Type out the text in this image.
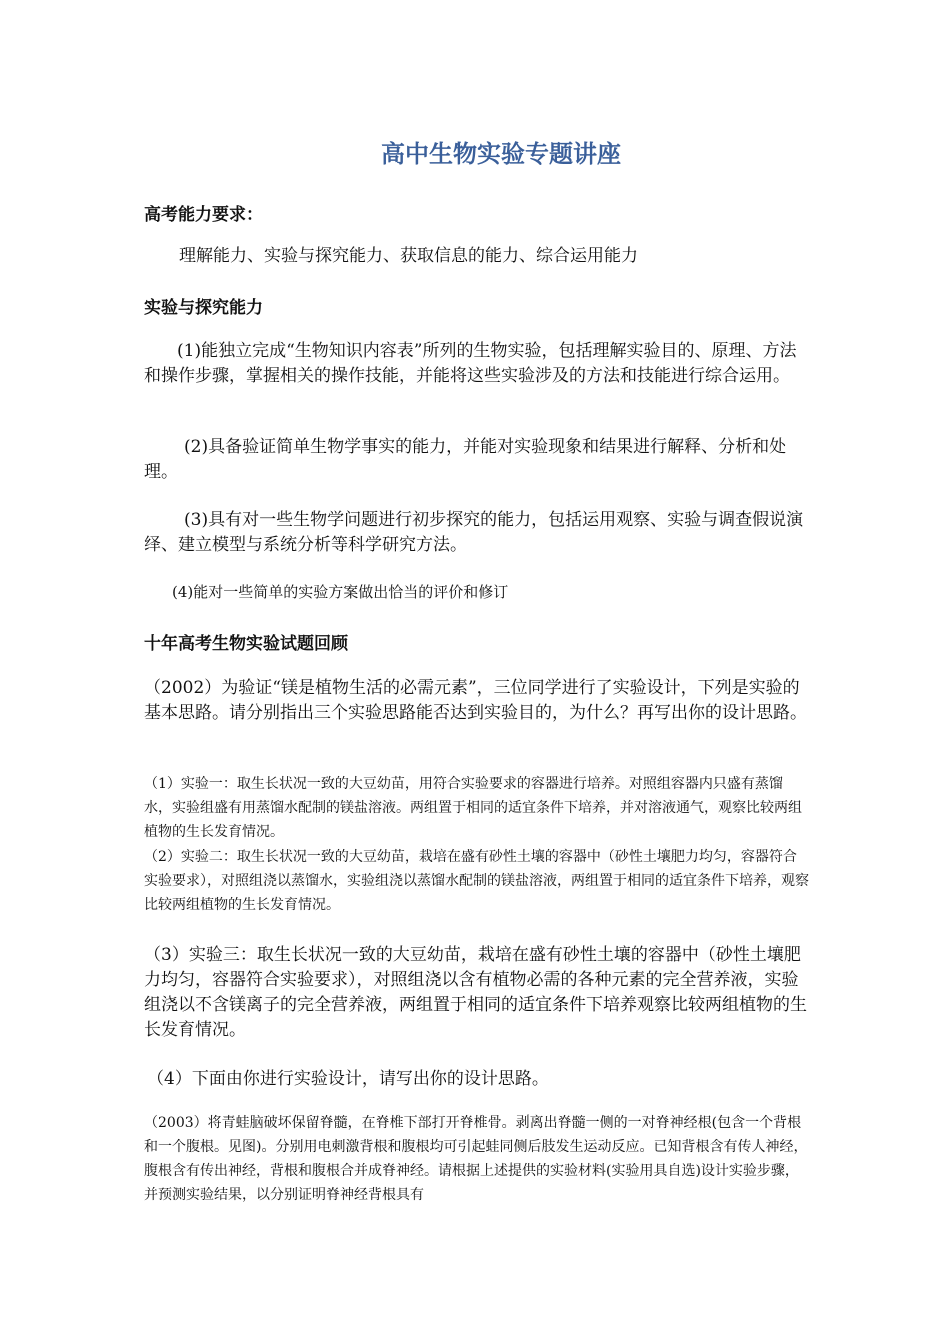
高中生物实验专题讲座
高考能力要求：
理解能力、实验与探究能力、获取信息的能力、综合运用能力
实验与探究能力

(1)能独立完成“生物知识内容表”所列的生物实验，包括理解实验目的、原理、方法和操作步骤，掌握相关的操作技能，并能将这些实验涉及的方法和技能进行综合运用。

(2)具备验证简单生物学事实的能力，并能对实验现象和结果进行解释、分析和处理。

(3)具有对一些生物学问题进行初步探究的能力，包括运用观察、实验与调查假说演绎、建立模型与系统分析等科学研究方法。

(4)能对一些简单的实验方案做出恰当的评价和修订

十年高考生物实验试题回顾

（2002）为验证“镁是植物生活的必需元素”，三位同学进行了实验设计，下列是实验的基本思路。请分别指出三个实验思路能否达到实验目的，为什么？再写出你的设计思路。

（1）实验一：取生长状况一致的大豆幼苗，用符合实验要求的容器进行培养。对照组容器内只盛有蒸馏水，实验组盛有用蒸馏水配制的镁盐溶液。两组置于相同的适宜条件下培养，并对溶液通气，观察比较两组植物的生长发育情况。

（2）实验二：取生长状况一致的大豆幼苗，栽培在盛有砂性土壤的容器中（砂性土壤肥力均匀，容器符合实验要求），对照组浇以蒸馏水，实验组浇以蒸馏水配制的镁盐溶液，两组置于相同的适宜条件下培养，观察比较两组植物的生长发育情况。

（3）实验三：取生长状况一致的大豆幼苗，栽培在盛有砂性土壤的容器中（砂性土壤肥力均匀，容器符合实验要求），对照组浇以含有植物必需的各种元素的完全营养液，实验组浇以不含镁离子的完全营养液，两组置于相同的适宜条件下培养观察比较两组植物的生长发育情况。

（4）下面由你进行实验设计，请写出你的设计思路。

（2003）将青蛙脑破坏保留脊髓，在脊椎下部打开脊椎骨。剥离出脊髓一侧的一对脊神经根(包含一个背根和一个腹根。见图)。分别用电刺激背根和腹根均可引起蛙同侧后肢发生运动反应。已知背根含有传人神经，腹根含有传出神经，背根和腹根合并成脊神经。请根据上述提供的实验材料(实验用具自选)设计实验步骤，并预测实验结果，以分别证明脊神经背根具有
